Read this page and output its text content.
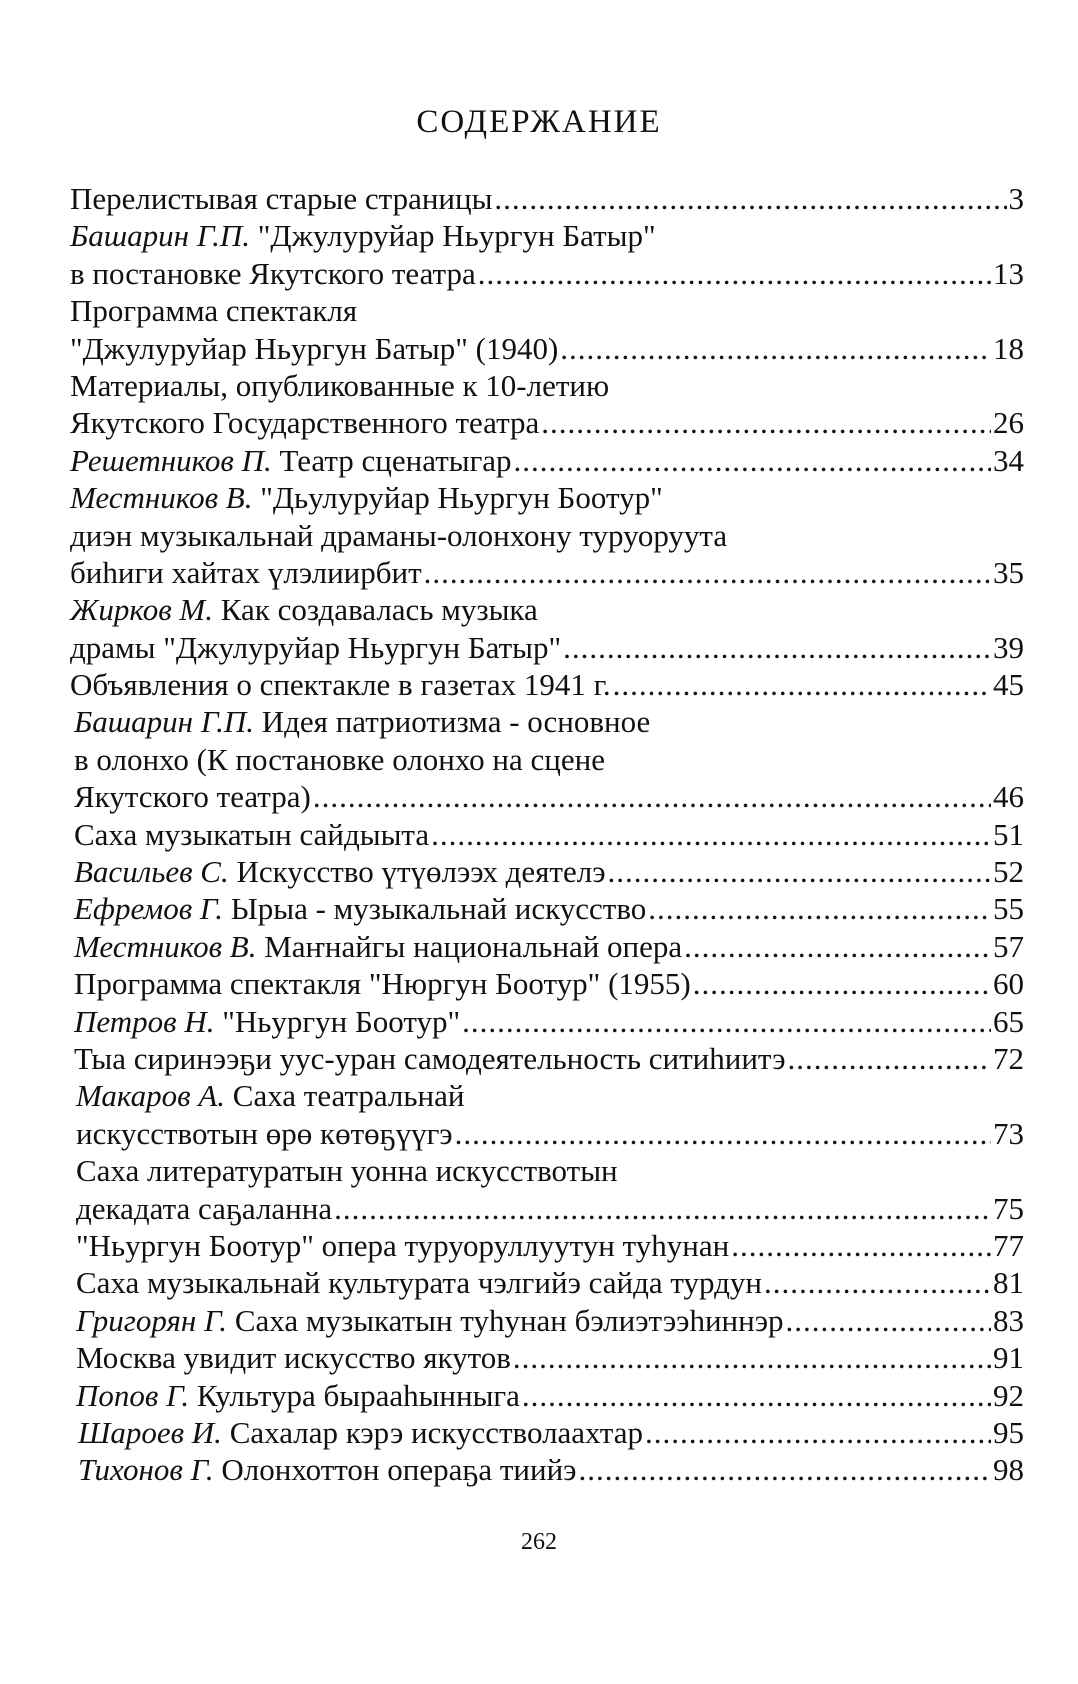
СОДЕРЖАНИЕ
Перелистывая старые страницы .....	3
Башарин Г.П. "Джулуруйар Ньургун Батыр"
в постановке Якутского театра .....	13
Программа спектакля
"Джулуруйар Ньургун Батыр" (1940) .....	18
Материалы, опубликованные к 10-летию
Якутского Государственного театра .....	26
Решетников П. Театр сценатыгар .....	34
Местников В. "Дьулуруйар Ньургун Боотур"
диэн музыкальнай драманы-олонхону туруоруута
биһиги хайтах үлэлиирбит .....	35
Жирков М. Как создавалась музыка
драмы "Джулуруйар Ньургун Батыр" .....	39
Объявления о спектакле в газетах 1941 г. .....	45
Башарин Г.П. Идея патриотизма - основное
в олонхо (К постановке олонхо на сцене
Якутского театра) .....	46
Саха музыкатын сайдыыта .....	51
Васильев С. Искусство үтүөлээх деятелэ .....	52
Ефремов Г. Ырыа - музыкальнай искусство .....	55
Местников В. Маҥнайгы национальнай опера .....	57
Программа спектакля "Нюргун Боотур" (1955) .....	60
Петров Н. "Ньургун Боотур" .....	65
Тыа сиринээҕи уус-уран самодеятельность ситиһиитэ .....	72
Макаров А. Саха театральнай
искусствотын өрө көтөҕүүгэ .....	73
Саха литературатын уонна искусствотын
декадата саҕаланна .....	75
"Ньургун Боотур" опера туруоруллуутун туһунан .....	77
Саха музыкальнай культурата чэлгийэ сайда турдун .....	81
Григорян Г. Саха музыкатын туһунан бэлиэтээһиннэр .....	83
Москва увидит искусство якутов .....	91
Попов Г. Культура бырааһынныга .....	92
Шароев И. Сахалар кэрэ искусстволаахтар .....	95
Тихонов Г. Олонхоттон операҕа тиийэ .....	98
262
